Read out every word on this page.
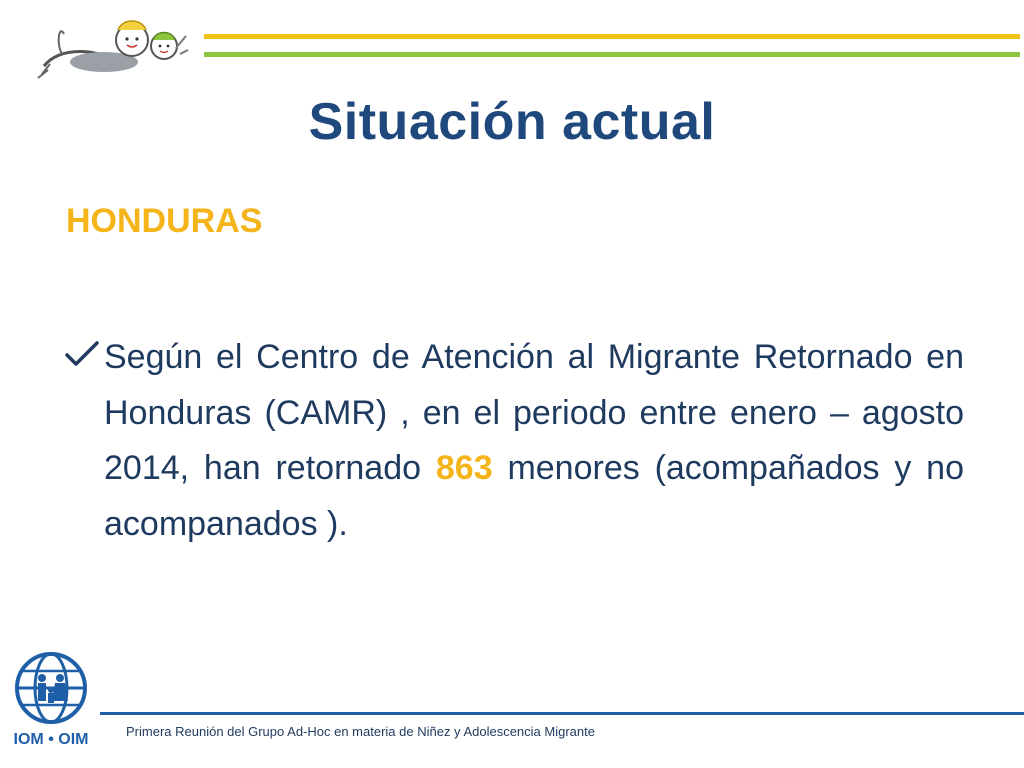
Situación actual
HONDURAS
Según el Centro de Atención al Migrante Retornado en Honduras (CAMR) , en el periodo entre enero – agosto 2014, han retornado 863 menores (acompañados y no acompanados ).
IOM • OIM	Primera Reunión del Grupo Ad-Hoc en materia de Niñez y Adolescencia Migrante
